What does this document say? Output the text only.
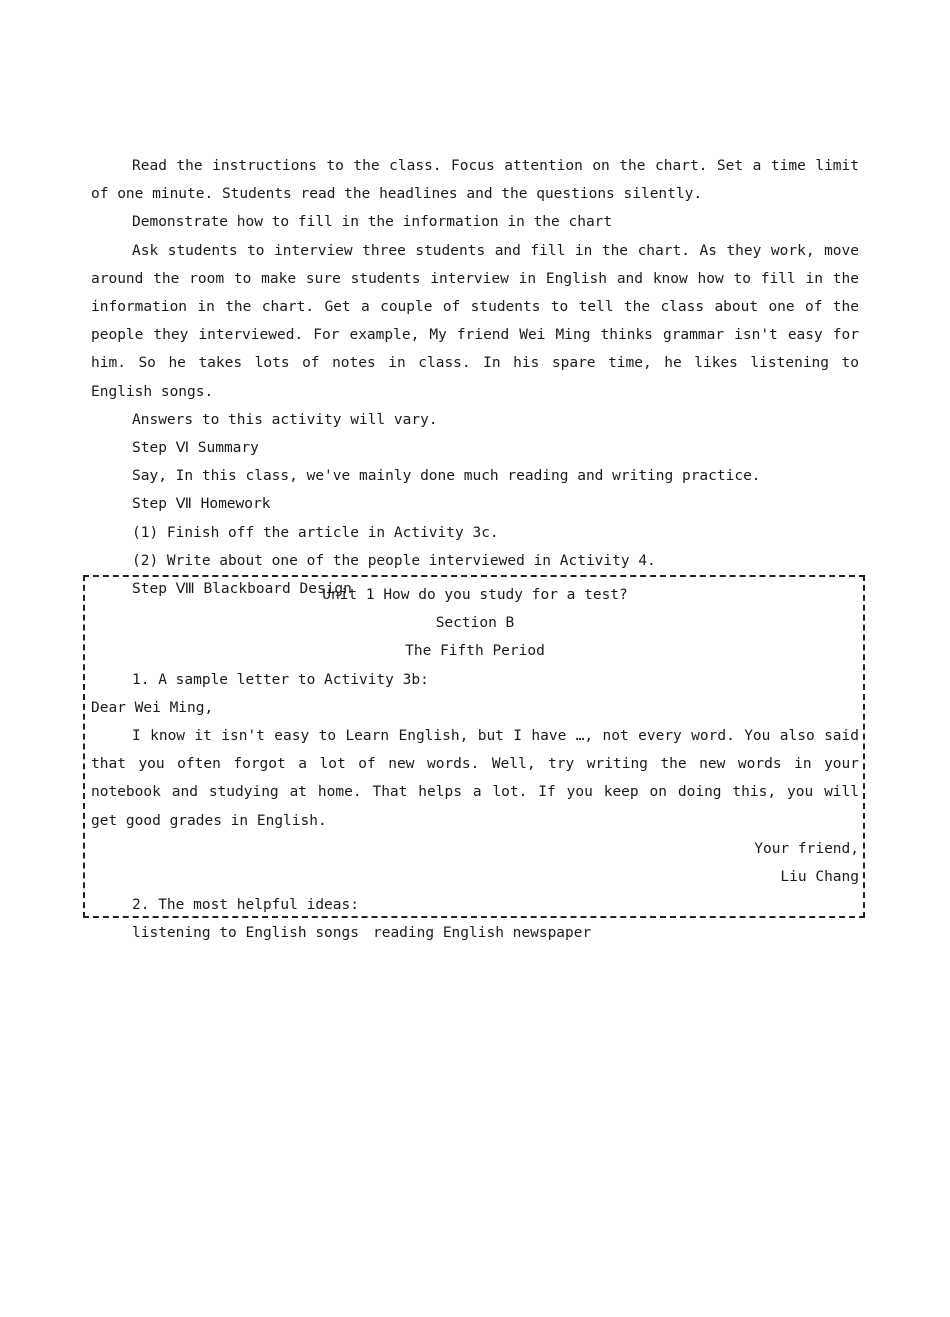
Read the instructions to the class. Focus attention on the chart. Set a time limit of one minute. Students read the headlines and the questions silently.

Demonstrate how to fill in the information in the chart

Ask students to interview three students and fill in the chart. As they work, move around the room to make sure students interview in English and know how to fill in the information in the chart. Get a couple of students to tell the class about one of the people they interviewed. For example, My friend Wei Ming thinks grammar isn't easy for him. So he takes lots of notes in class. In his spare time, he likes listening to English songs.

Answers to this activity will vary.

Step Ⅵ Summary

Say, In this class, we've mainly done much reading and writing practice.

Step Ⅶ Homework

(1) Finish off the article in Activity 3c.

(2) Write about one of the people interviewed in Activity 4.

Step Ⅷ Blackboard Design

Unit 1 How do you study for a test?

Section B

The Fifth Period

1. A sample letter to Activity 3b:

Dear Wei Ming,

I know it isn't easy to Learn English, but I have …, not every word. You also said that you often forgot a lot of new words. Well, try writing the new words in your notebook and studying at home. That helps a lot. If you keep on doing this, you will get good grades in English.

Your friend,

Liu Chang

2. The most helpful ideas:

listening to English songs reading English newspaper
